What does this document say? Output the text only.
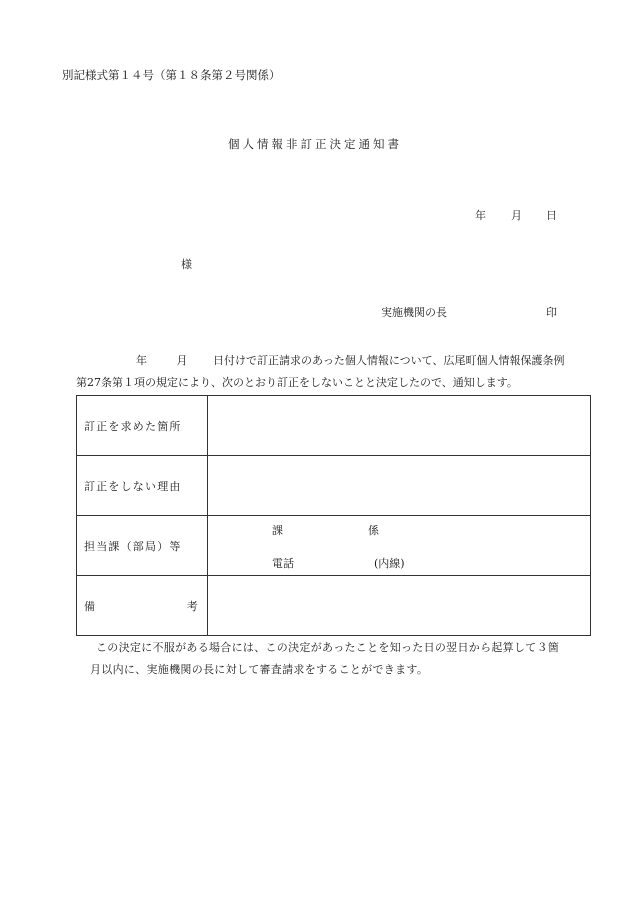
別記様式第１４号（第１８条第２号関係）
個人情報非訂正決定通知書
年 月 日
様
実施機関の長	印
年	月 日付けで訂正請求のあった個人情報について、広尾町個人情報保護条例
第27条第１項の規定により、次のとおり訂正をしないことと決定したので、通知します。
訂正を求めた箇所	
訂正をしない理由	
担当課（部局）等	課 係
電話 (内線)

備 考	

この決定に不服がある場合には、この決定があったことを知った日の翌日から起算して３箇
月以内に、実施機関の長に対して審査請求をすることができます。
